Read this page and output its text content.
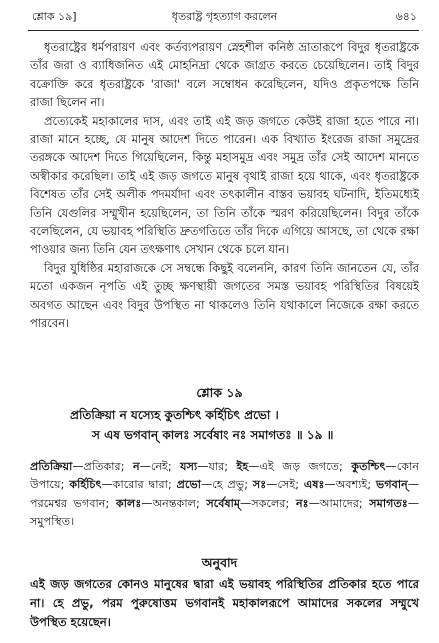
শ্লোক ১৯]	ধৃতরাষ্ট্র গৃহত্যাগ করলেন	৬৪১

ধৃতরাষ্ট্রের ধর্মপরায়ণ এবং কর্তব্যপরায়ণ স্নেহশীল কনিষ্ঠ ভ্রাতারূপে বিদুর ধৃতরাষ্ট্রকে তাঁর জরা ও ব্যাধিজনিত এই মোহনিদ্রা থেকে জাগ্রত করতে চেয়েছিলেন। তাই বিদুর বক্রোক্তি করে ধৃতরাষ্ট্রকে 'রাজা' বলে সম্বোধন করেছিলেন, যদিও প্রকৃতপক্ষে তিনি রাজা ছিলেন না।

প্রত্যেকেই মহাকালের দাস, এবং তাই এই জড় জগতে কেউই রাজা হতে পারে না। রাজা মানে হচ্ছে, যে মানুষ আদেশ দিতে পারেন। এক বিখ্যাত ইংরেজ রাজা সমুদ্রের তরঙ্গকে আদেশ দিতে গিয়েছিলেন, কিন্তু মহাসমুদ্র এবং সমুদ্র তাঁর সেই আদেশ মানতে অস্বীকার করেছিল। তাই এই জড় জগতে মানুষ বৃথাই রাজা হয়ে থাকে, এবং ধৃতরাষ্ট্রকে বিশেষত তাঁর সেই অলীক পদমর্যাদা এবং তৎকালীন বাস্তব ভয়াবহ ঘটনাদি, ইতিমধ্যেই তিনি যেগুলির সম্মুখীন হয়েছিলেন, তা তিনি তাঁকে স্মরণ করিয়েছিলেন। বিদুর তাঁকে বলেছিলেন, যে ভয়াবহ পরিস্থিতি দ্রুতগতিতে তাঁর দিকে এগিয়ে আসছে, তা থেকে রক্ষা পাওয়ার জন্য তিনি যেন তৎক্ষণাৎ সেখান থেকে চলে যান।

বিদুর যুধিষ্ঠির মহারাজকে সে সম্বন্ধে কিছুই বলেননি, কারণ তিনি জানতেন যে, তাঁর মতো একজন নৃপতি এই তুচ্ছ ক্ষণস্থায়ী জগতের সমস্ত ভয়াবহ পরিস্থিতির বিষয়েই অবগত আছেন এবং বিদুর উপস্থিত না থাকলেও তিনি যথাকালে নিজেকে রক্ষা করতে পারবেন।

শ্লোক ১৯
প্রতিক্রিয়া ন যস্যেহ কুতশ্চিৎ কর্হিচিৎ প্রভো ।
স এষ ভগবান্ কালঃ সর্বেষাং নঃ সমাগতঃ ॥ ১৯ ॥
প্রতিক্রিয়া—প্রতিকার; ন—নেই; যস্য—যার; ইহ—এই জড় জগতে; কুতশ্চিৎ—কোন উপায়ে; কর্হিচিৎ—কারোর দ্বারা; প্রভো—হে প্রভু; সঃ—সেই; এষঃ—অবশ্যই; ভগবান্—পরমেশ্বর ভগবান; কালঃ—অনন্তকাল; সর্বেষাম্—সকলের; নঃ—আমাদের; সমাগতঃ—সমুপস্থিত।
অনুবাদ
এই জড় জগতের কোনও মানুষের দ্বারা এই ভয়াবহ পরিস্থিতির প্রতিকার হতে পারে না। হে প্রভু, পরম পুরুষোত্তম ভগবানই মহাকালরূপে আমাদের সকলের সম্মুখে উপস্থিত হয়েছেন।
